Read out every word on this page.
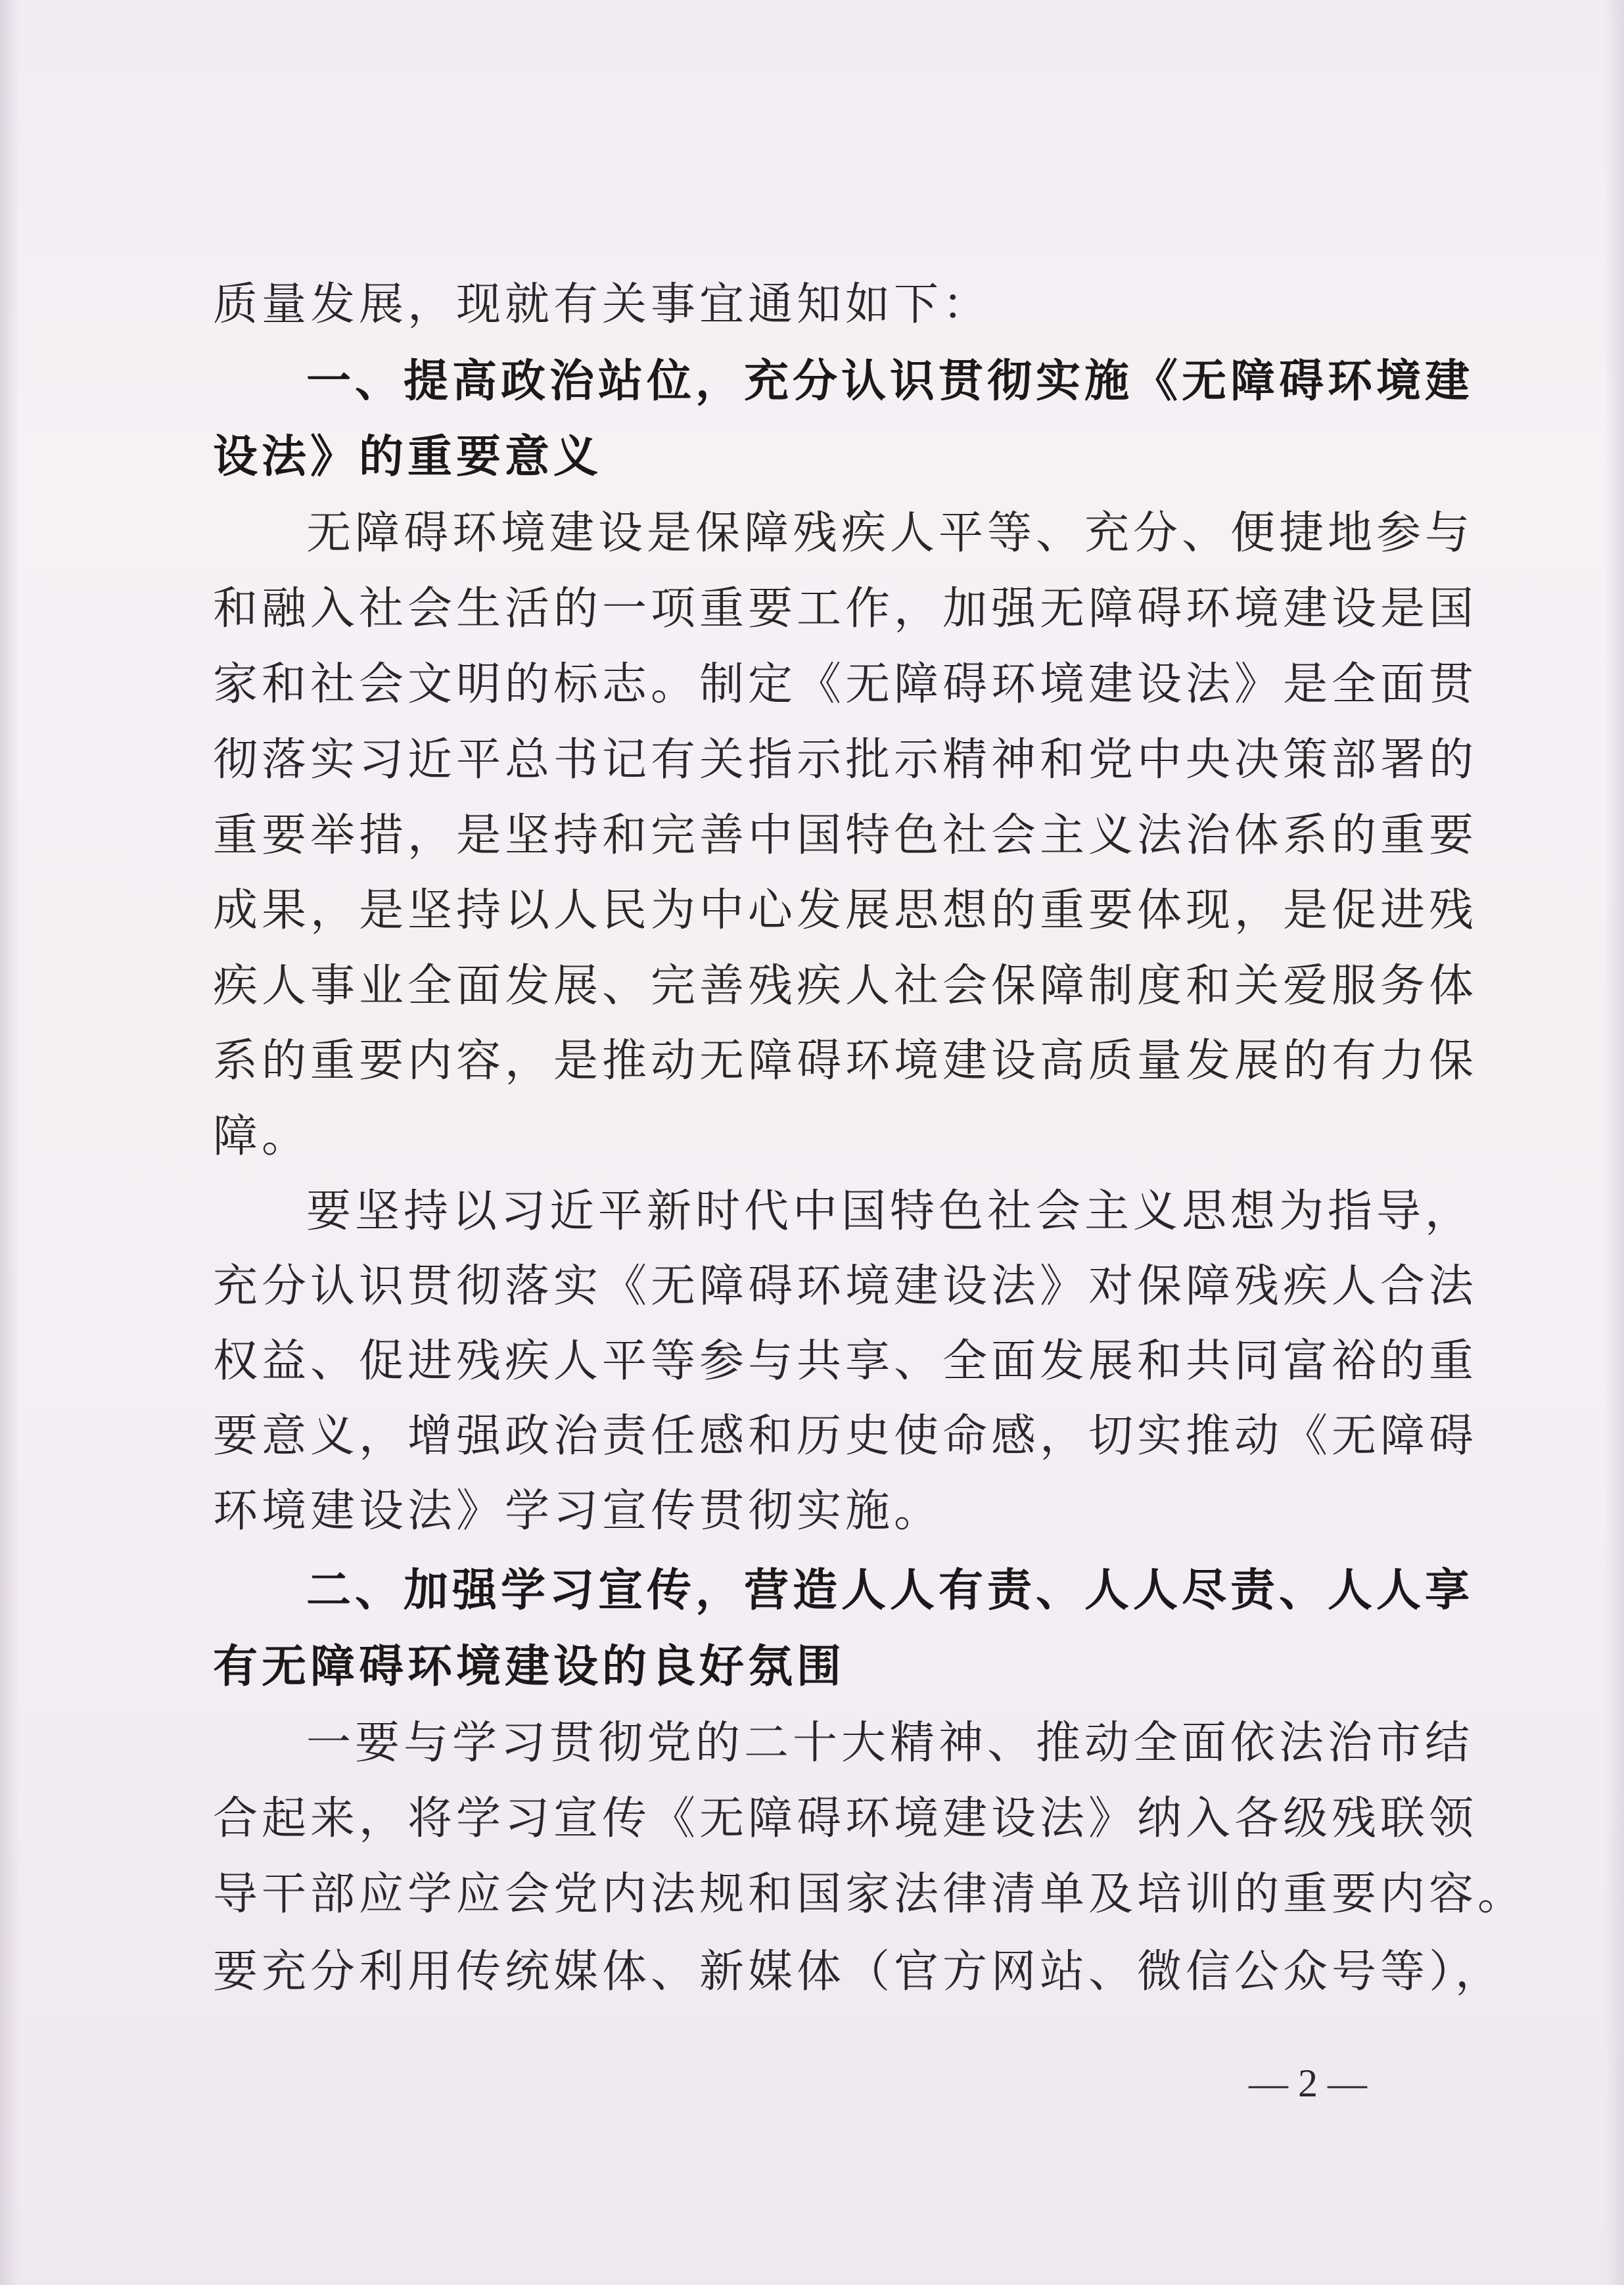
质量发展，现就有关事宜通知如下：
一、提高政治站位，充分认识贯彻实施《无障碍环境建
设法》的重要意义
无障碍环境建设是保障残疾人平等、充分、便捷地参与
和融入社会生活的一项重要工作，加强无障碍环境建设是国
家和社会文明的标志。制定《无障碍环境建设法》是全面贯
彻落实习近平总书记有关指示批示精神和党中央决策部署的
重要举措，是坚持和完善中国特色社会主义法治体系的重要
成果，是坚持以人民为中心发展思想的重要体现，是促进残
疾人事业全面发展、完善残疾人社会保障制度和关爱服务体
系的重要内容，是推动无障碍环境建设高质量发展的有力保
障。
要坚持以习近平新时代中国特色社会主义思想为指导，
充分认识贯彻落实《无障碍环境建设法》对保障残疾人合法
权益、促进残疾人平等参与共享、全面发展和共同富裕的重
要意义，增强政治责任感和历史使命感，切实推动《无障碍
环境建设法》学习宣传贯彻实施。
二、加强学习宣传，营造人人有责、人人尽责、人人享
有无障碍环境建设的良好氛围
一要与学习贯彻党的二十大精神、推动全面依法治市结
合起来，将学习宣传《无障碍环境建设法》纳入各级残联领
导干部应学应会党内法规和国家法律清单及培训的重要内容。
要充分利用传统媒体、新媒体（官方网站、微信公众号等），
— 2 —
